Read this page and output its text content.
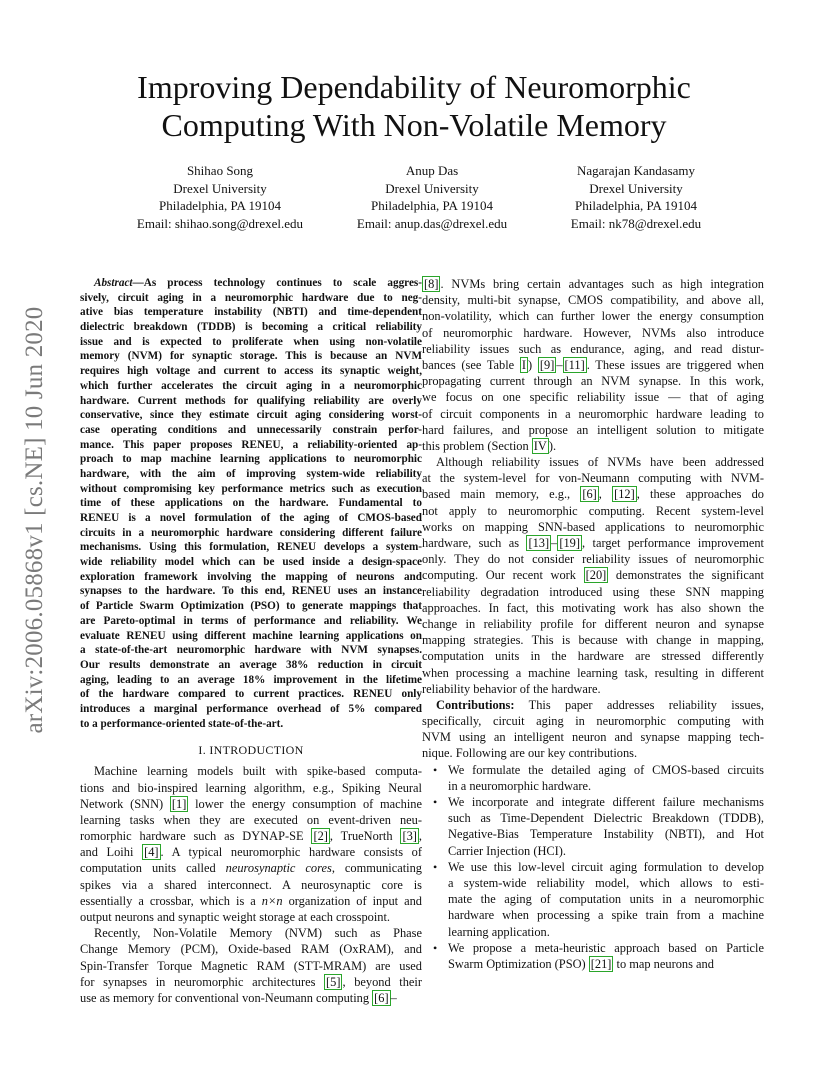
arXiv:2006.05868v1 [cs.NE] 10 Jun 2020
Improving Dependability of Neuromorphic
Computing With Non-Volatile Memory
Shihao Song
Drexel University
Philadelphia, PA 19104
Email: shihao.song@drexel.edu
Anup Das
Drexel University
Philadelphia, PA 19104
Email: anup.das@drexel.edu
Nagarajan Kandasamy
Drexel University
Philadelphia, PA 19104
Email: nk78@drexel.edu
Abstract—As process technology continues to scale aggres-
sively, circuit aging in a neuromorphic hardware due to neg-
ative bias temperature instability (NBTI) and time-dependent
dielectric breakdown (TDDB) is becoming a critical reliability
issue and is expected to proliferate when using non-volatile
memory (NVM) for synaptic storage. This is because an NVM
requires high voltage and current to access its synaptic weight,
which further accelerates the circuit aging in a neuromorphic
hardware. Current methods for qualifying reliability are overly
conservative, since they estimate circuit aging considering worst-
case operating conditions and unnecessarily constrain perfor-
mance. This paper proposes RENEU, a reliability-oriented ap-
proach to map machine learning applications to neuromorphic
hardware, with the aim of improving system-wide reliability
without compromising key performance metrics such as execution
time of these applications on the hardware. Fundamental to
RENEU is a novel formulation of the aging of CMOS-based
circuits in a neuromorphic hardware considering different failure
mechanisms. Using this formulation, RENEU develops a system-
wide reliability model which can be used inside a design-space
exploration framework involving the mapping of neurons and
synapses to the hardware. To this end, RENEU uses an instance
of Particle Swarm Optimization (PSO) to generate mappings that
are Pareto-optimal in terms of performance and reliability. We
evaluate RENEU using different machine learning applications on
a state-of-the-art neuromorphic hardware with NVM synapses.
Our results demonstrate an average 38% reduction in circuit
aging, leading to an average 18% improvement in the lifetime
of the hardware compared to current practices. RENEU only
introduces a marginal performance overhead of 5% compared
to a performance-oriented state-of-the-art.
I. INTRODUCTION
Machine learning models built with spike-based computa-
tions and bio-inspired learning algorithm, e.g., Spiking Neural
Network (SNN) [1] lower the energy consumption of machine
learning tasks when they are executed on event-driven neu-
romorphic hardware such as DYNAP-SE [2] , TrueNorth [3] ,
and Loihi [4] . A typical neuromorphic hardware consists of
computation units called neurosynaptic cores, communicating
spikes via a shared interconnect. A neurosynaptic core is
essentially a crossbar, which is a n×n organization of input and
output neurons and synaptic weight storage at each crosspoint.
Recently, Non-Volatile Memory (NVM) such as Phase
Change Memory (PCM), Oxide-based RAM (OxRAM), and
Spin-Transfer Torque Magnetic RAM (STT-MRAM) are used
for synapses in neuromorphic architectures [5] , beyond their
use as memory for conventional von-Neumann computing [6] –
[8] . NVMs bring certain advantages such as high integration
density, multi-bit synapse, CMOS compatibility, and above all,
non-volatility, which can further lower the energy consumption
of neuromorphic hardware. However, NVMs also introduce
reliability issues such as endurance, aging, and read distur-
bances (see Table I ) [9] – [11] . These issues are triggered when
propagating current through an NVM synapse. In this work,
we focus on one specific reliability issue — that of aging
of circuit components in a neuromorphic hardware leading to
hard failures, and propose an intelligent solution to mitigate
this problem (Section IV ).
Although reliability issues of NVMs have been addressed
at the system-level for von-Neumann computing with NVM-
based main memory, e.g., [6] , [12] , these approaches do
not apply to neuromorphic computing. Recent system-level
works on mapping SNN-based applications to neuromorphic
hardware, such as [13] – [19] , target performance improvement
only. They do not consider reliability issues of neuromorphic
computing. Our recent work [20] demonstrates the significant
reliability degradation introduced using these SNN mapping
approaches. In fact, this motivating work has also shown the
change in reliability profile for different neuron and synapse
mapping strategies. This is because with change in mapping,
computation units in the hardware are stressed differently
when processing a machine learning task, resulting in different
reliability behavior of the hardware.
Contributions: This paper addresses reliability issues,
specifically, circuit aging in neuromorphic computing with
NVM using an intelligent neuron and synapse mapping tech-
nique. Following are our key contributions.
• We formulate the detailed aging of CMOS-based circuits
in a neuromorphic hardware.
• We incorporate and integrate different failure mechanisms
such as Time-Dependent Dielectric Breakdown (TDDB),
Negative-Bias Temperature Instability (NBTI), and Hot
Carrier Injection (HCI).
• We use this low-level circuit aging formulation to develop
a system-wide reliability model, which allows to esti-
mate the aging of computation units in a neuromorphic
hardware when processing a spike train from a machine
learning application.
• We propose a meta-heuristic approach based on Particle
Swarm Optimization (PSO) [21] to map neurons and
